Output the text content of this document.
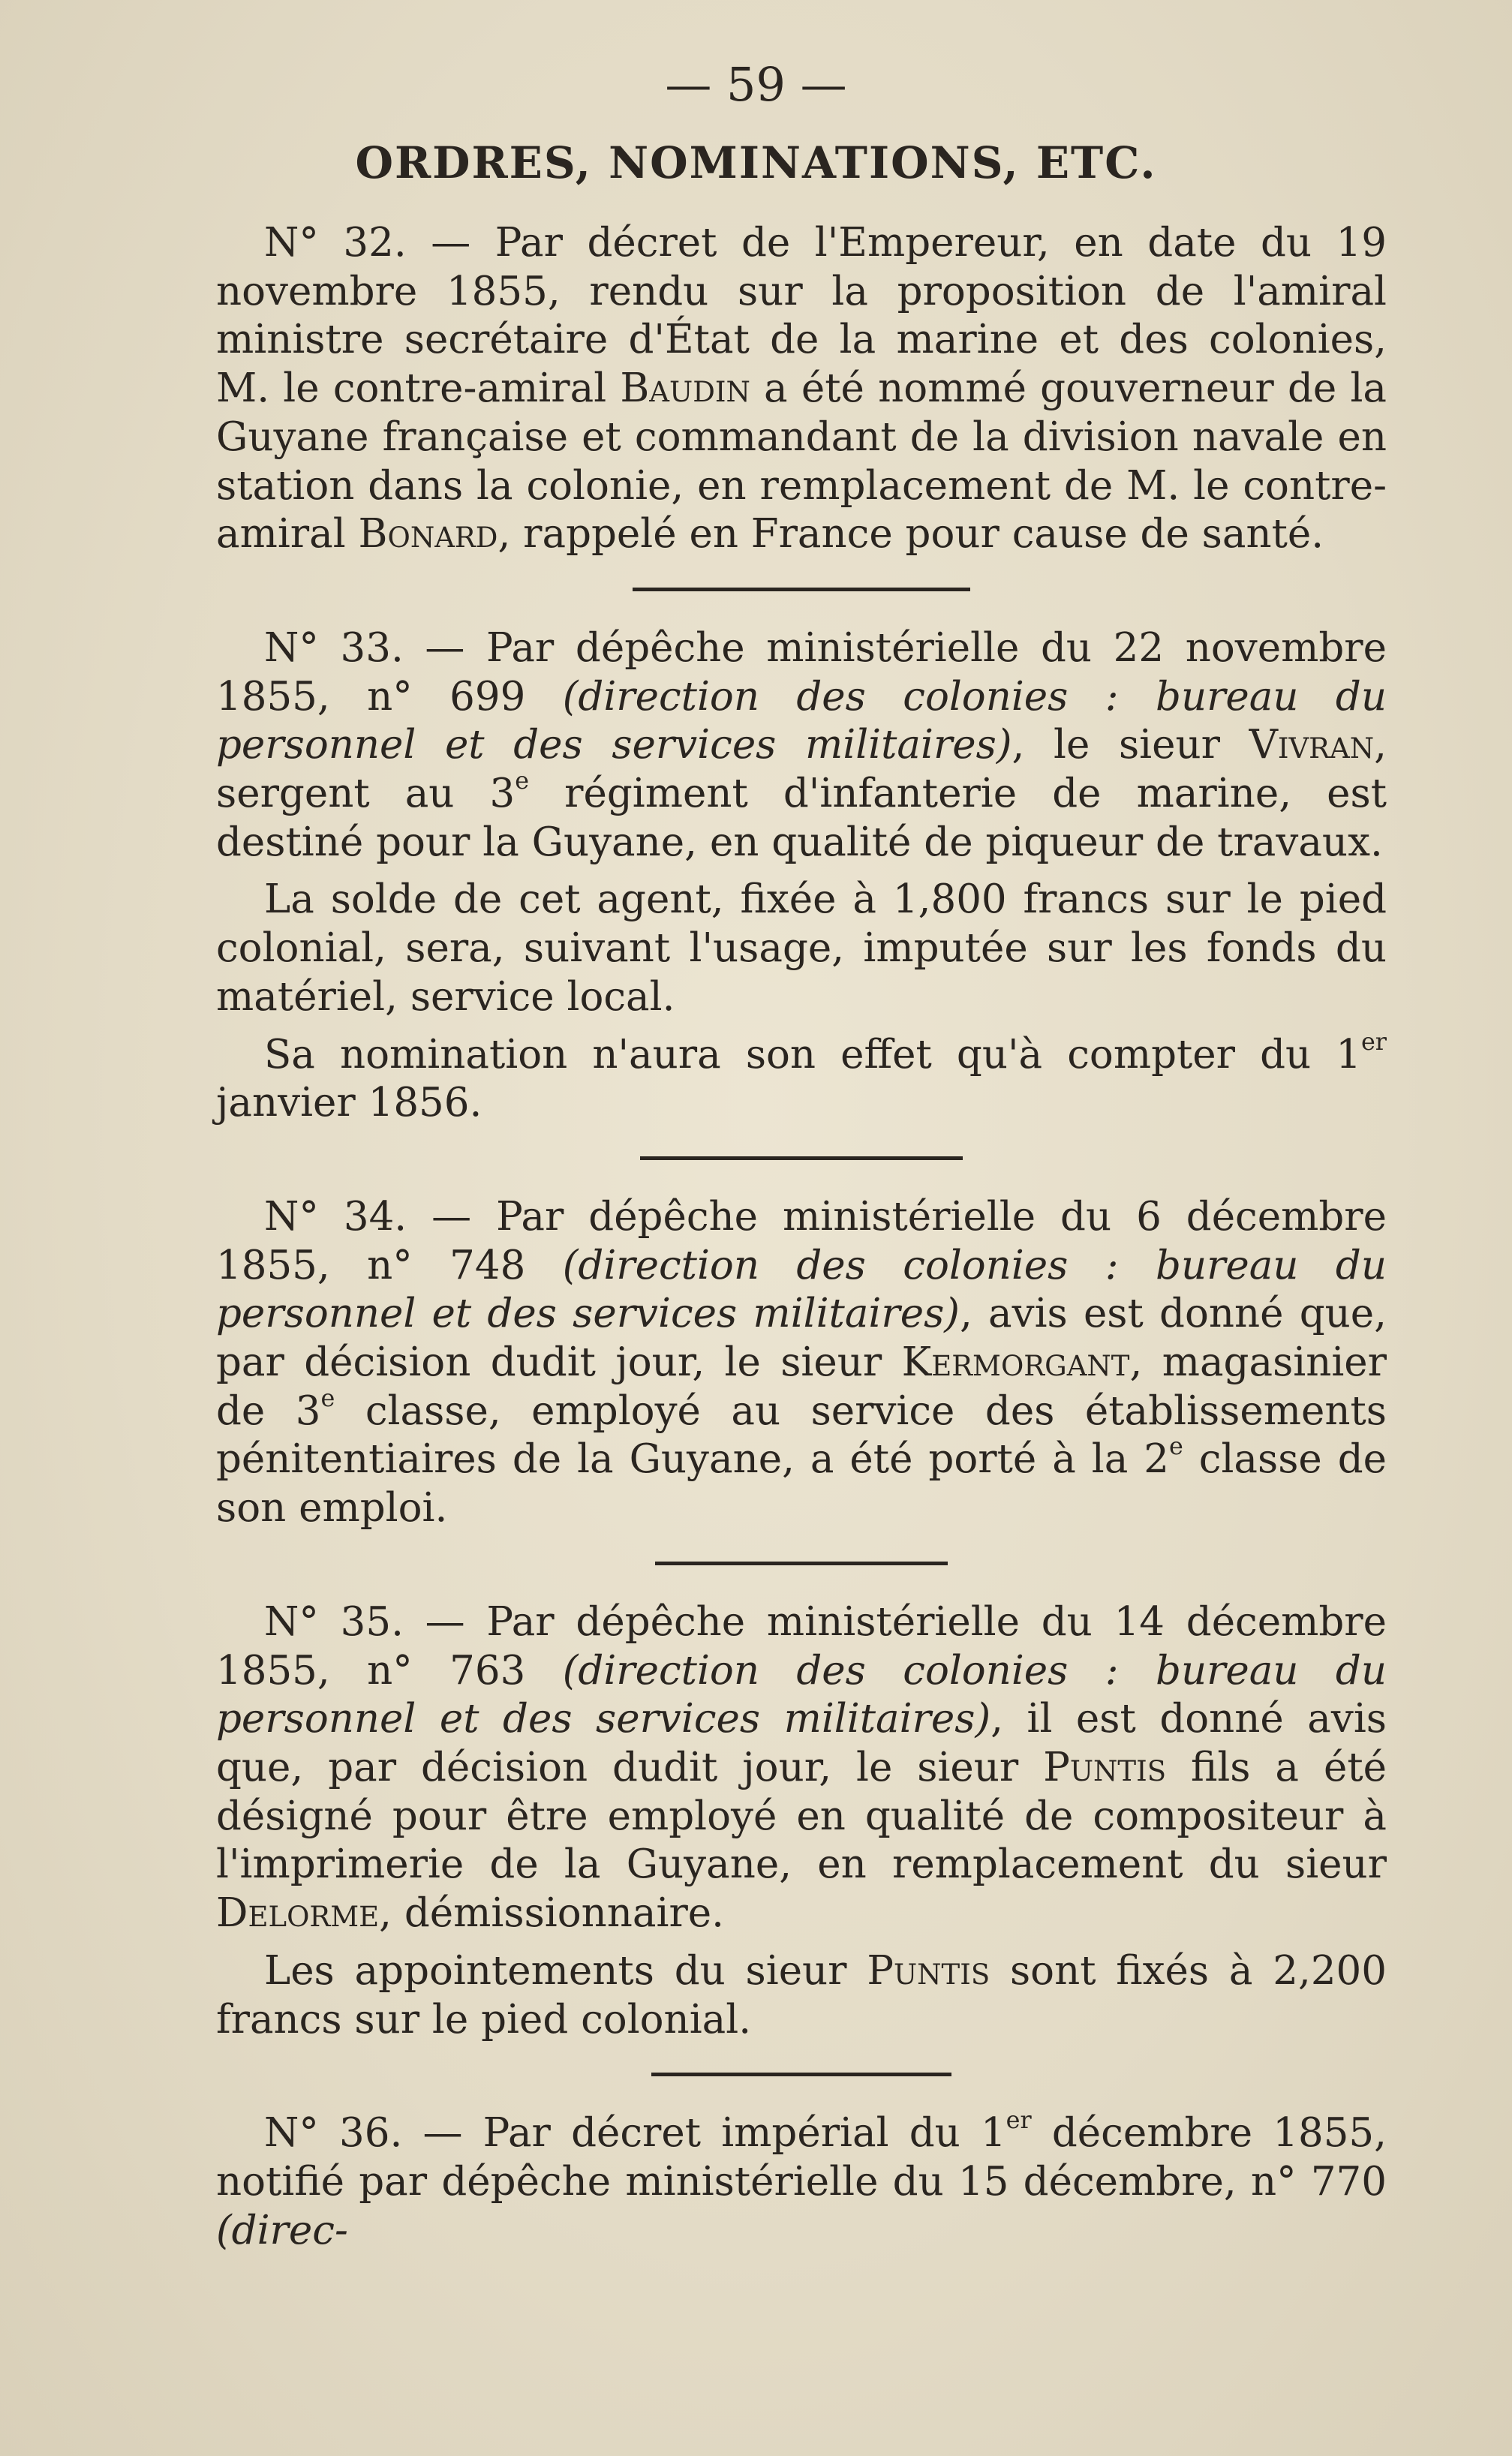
— 59 —
ORDRES, NOMINATIONS, ETC.

N° 32. — Par décret de l'Empereur, en date du 19 novembre 1855, rendu sur la proposition de l'amiral ministre secrétaire d'État de la marine et des colonies, M. le contre-amiral Baudin a été nommé gouverneur de la Guyane française et commandant de la division navale en station dans la colonie, en remplacement de M. le contre-amiral Bonard, rappelé en France pour cause de santé.

N° 33. — Par dépêche ministérielle du 22 novembre 1855, n° 699 (direction des colonies : bureau du personnel et des services militaires), le sieur Vivran, sergent au 3e régiment d'infanterie de marine, est destiné pour la Guyane, en qualité de piqueur de travaux.

La solde de cet agent, fixée à 1,800 francs sur le pied colonial, sera, suivant l'usage, imputée sur les fonds du matériel, service local.

Sa nomination n'aura son effet qu'à compter du 1er janvier 1856.

N° 34. — Par dépêche ministérielle du 6 décembre 1855, n° 748 (direction des colonies : bureau du personnel et des services militaires), avis est donné que, par décision dudit jour, le sieur Kermorgant, magasinier de 3e classe, employé au service des établissements pénitentiaires de la Guyane, a été porté à la 2e classe de son emploi.

N° 35. — Par dépêche ministérielle du 14 décembre 1855, n° 763 (direction des colonies : bureau du personnel et des services militaires), il est donné avis que, par décision dudit jour, le sieur Puntis fils a été désigné pour être employé en qualité de compositeur à l'imprimerie de la Guyane, en remplacement du sieur Delorme, démissionnaire.

Les appointements du sieur Puntis sont fixés à 2,200 francs sur le pied colonial.

N° 36. — Par décret impérial du 1er décembre 1855, notifié par dépêche ministérielle du 15 décembre, n° 770 (direc-
